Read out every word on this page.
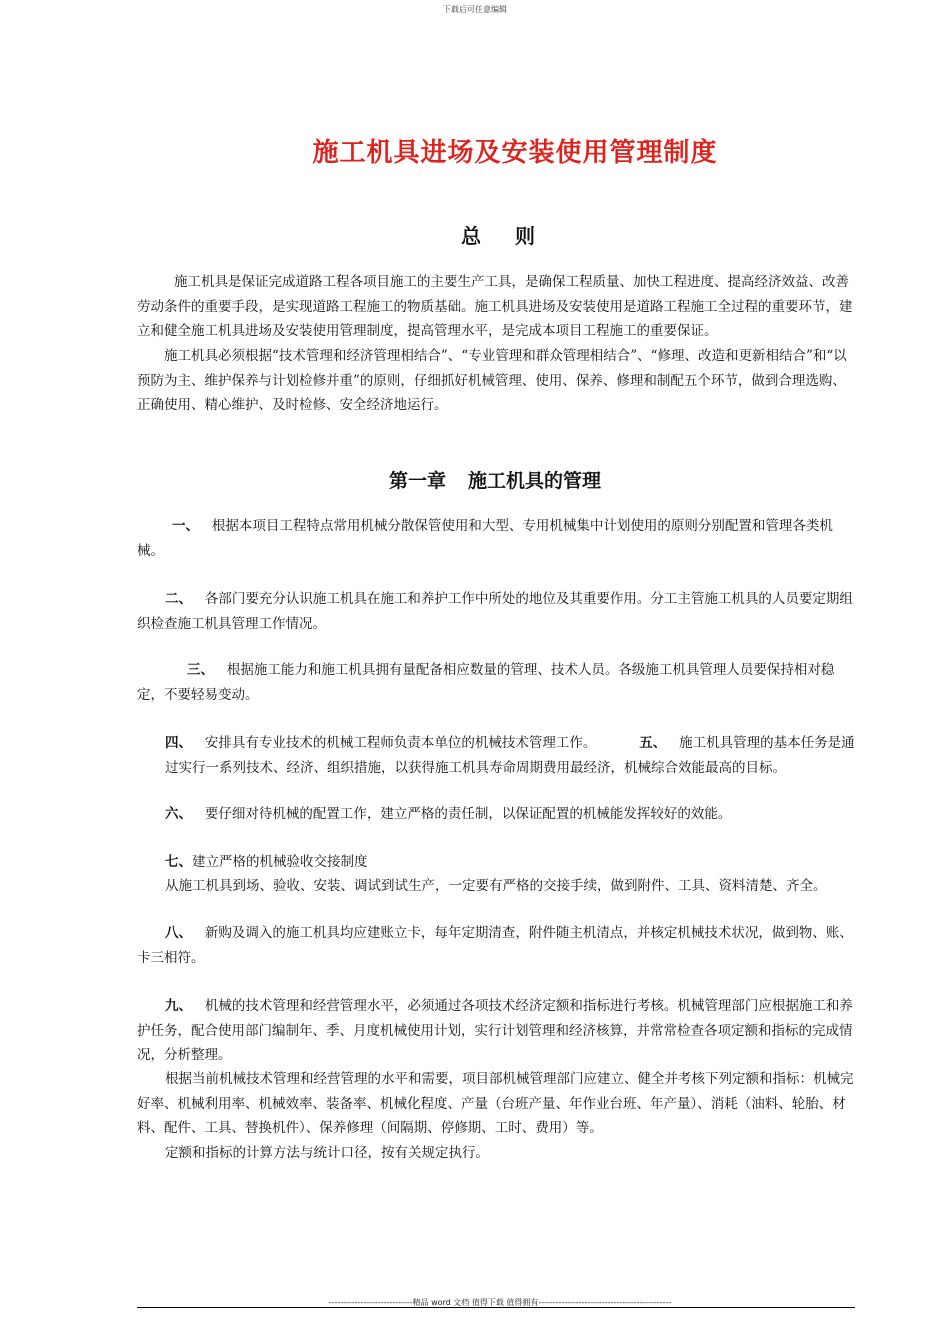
下载后可任意编辑
施工机具进场及安装使用管理制度
总则

施工机具是保证完成道路工程各项目施工的主要生产工具，是确保工程质量、加快工程进度、提高经济效益、改善劳动条件的重要手段，是实现道路工程施工的物质基础。施工机具进场及安装使用是道路工程施工全过程的重要环节，建立和健全施工机具进场及安装使用管理制度，提高管理水平，是完成本项目工程施工的重要保证。

施工机具必须根据“技术管理和经济管理相结合”、“专业管理和群众管理相结合”、“修理、改造和更新相结合”和“以预防为主、维护保养与计划检修并重”的原则，仔细抓好机械管理、使用、保养、修理和制配五个环节，做到合理选购、正确使用、精心维护、及时检修、安全经济地运行。

第一章 施工机具的管理

一、 根据本项目工程特点常用机械分散保管使用和大型、专用机械集中计划使用的原则分别配置和管理各类机械。

二、 各部门要充分认识施工机具在施工和养护工作中所处的地位及其重要作用。分工主管施工机具的人员要定期组织检查施工机具管理工作情况。

三、 根据施工能力和施工机具拥有量配备相应数量的管理、技术人员。各级施工机具管理人员要保持相对稳定，不要轻易变动。

四、 安排具有专业技术的机械工程师负责本单位的机械技术管理工作。	五、 施工机具管理的基本任务是通过实行一系列技术、经济、组织措施，以获得施工机具寿命周期费用最经济，机械综合效能最高的目标。

六、 要仔细对待机械的配置工作，建立严格的责任制，以保证配置的机械能发挥较好的效能。

七、建立严格的机械验收交接制度

从施工机具到场、验收、安装、调试到试生产，一定要有严格的交接手续，做到附件、工具、资料清楚、齐全。

八、 新购及调入的施工机具均应建账立卡，每年定期清查，附件随主机清点，并核定机械技术状况，做到物、账、卡三相符。

九、 机械的技术管理和经营管理水平，必须通过各项技术经济定额和指标进行考核。机械管理部门应根据施工和养护任务，配合使用部门编制年、季、月度机械使用计划，实行计划管理和经济核算，并常常检查各项定额和指标的完成情况，分析整理。

根据当前机械技术管理和经营管理的水平和需要，项目部机械管理部门应建立、健全并考核下列定额和指标：机械完好率、机械利用率、机械效率、装备率、机械化程度、产量（台班产量、年作业台班、年产量）、消耗（油料、轮胎、材料、配件、工具、替换机件）、保养修理（间隔期、停修期、工时、费用）等。

定额和指标的计算方法与统计口径，按有关规定执行。

-----------------------------精品 word 文档 值得下载 值得拥有----------------------------------------------
